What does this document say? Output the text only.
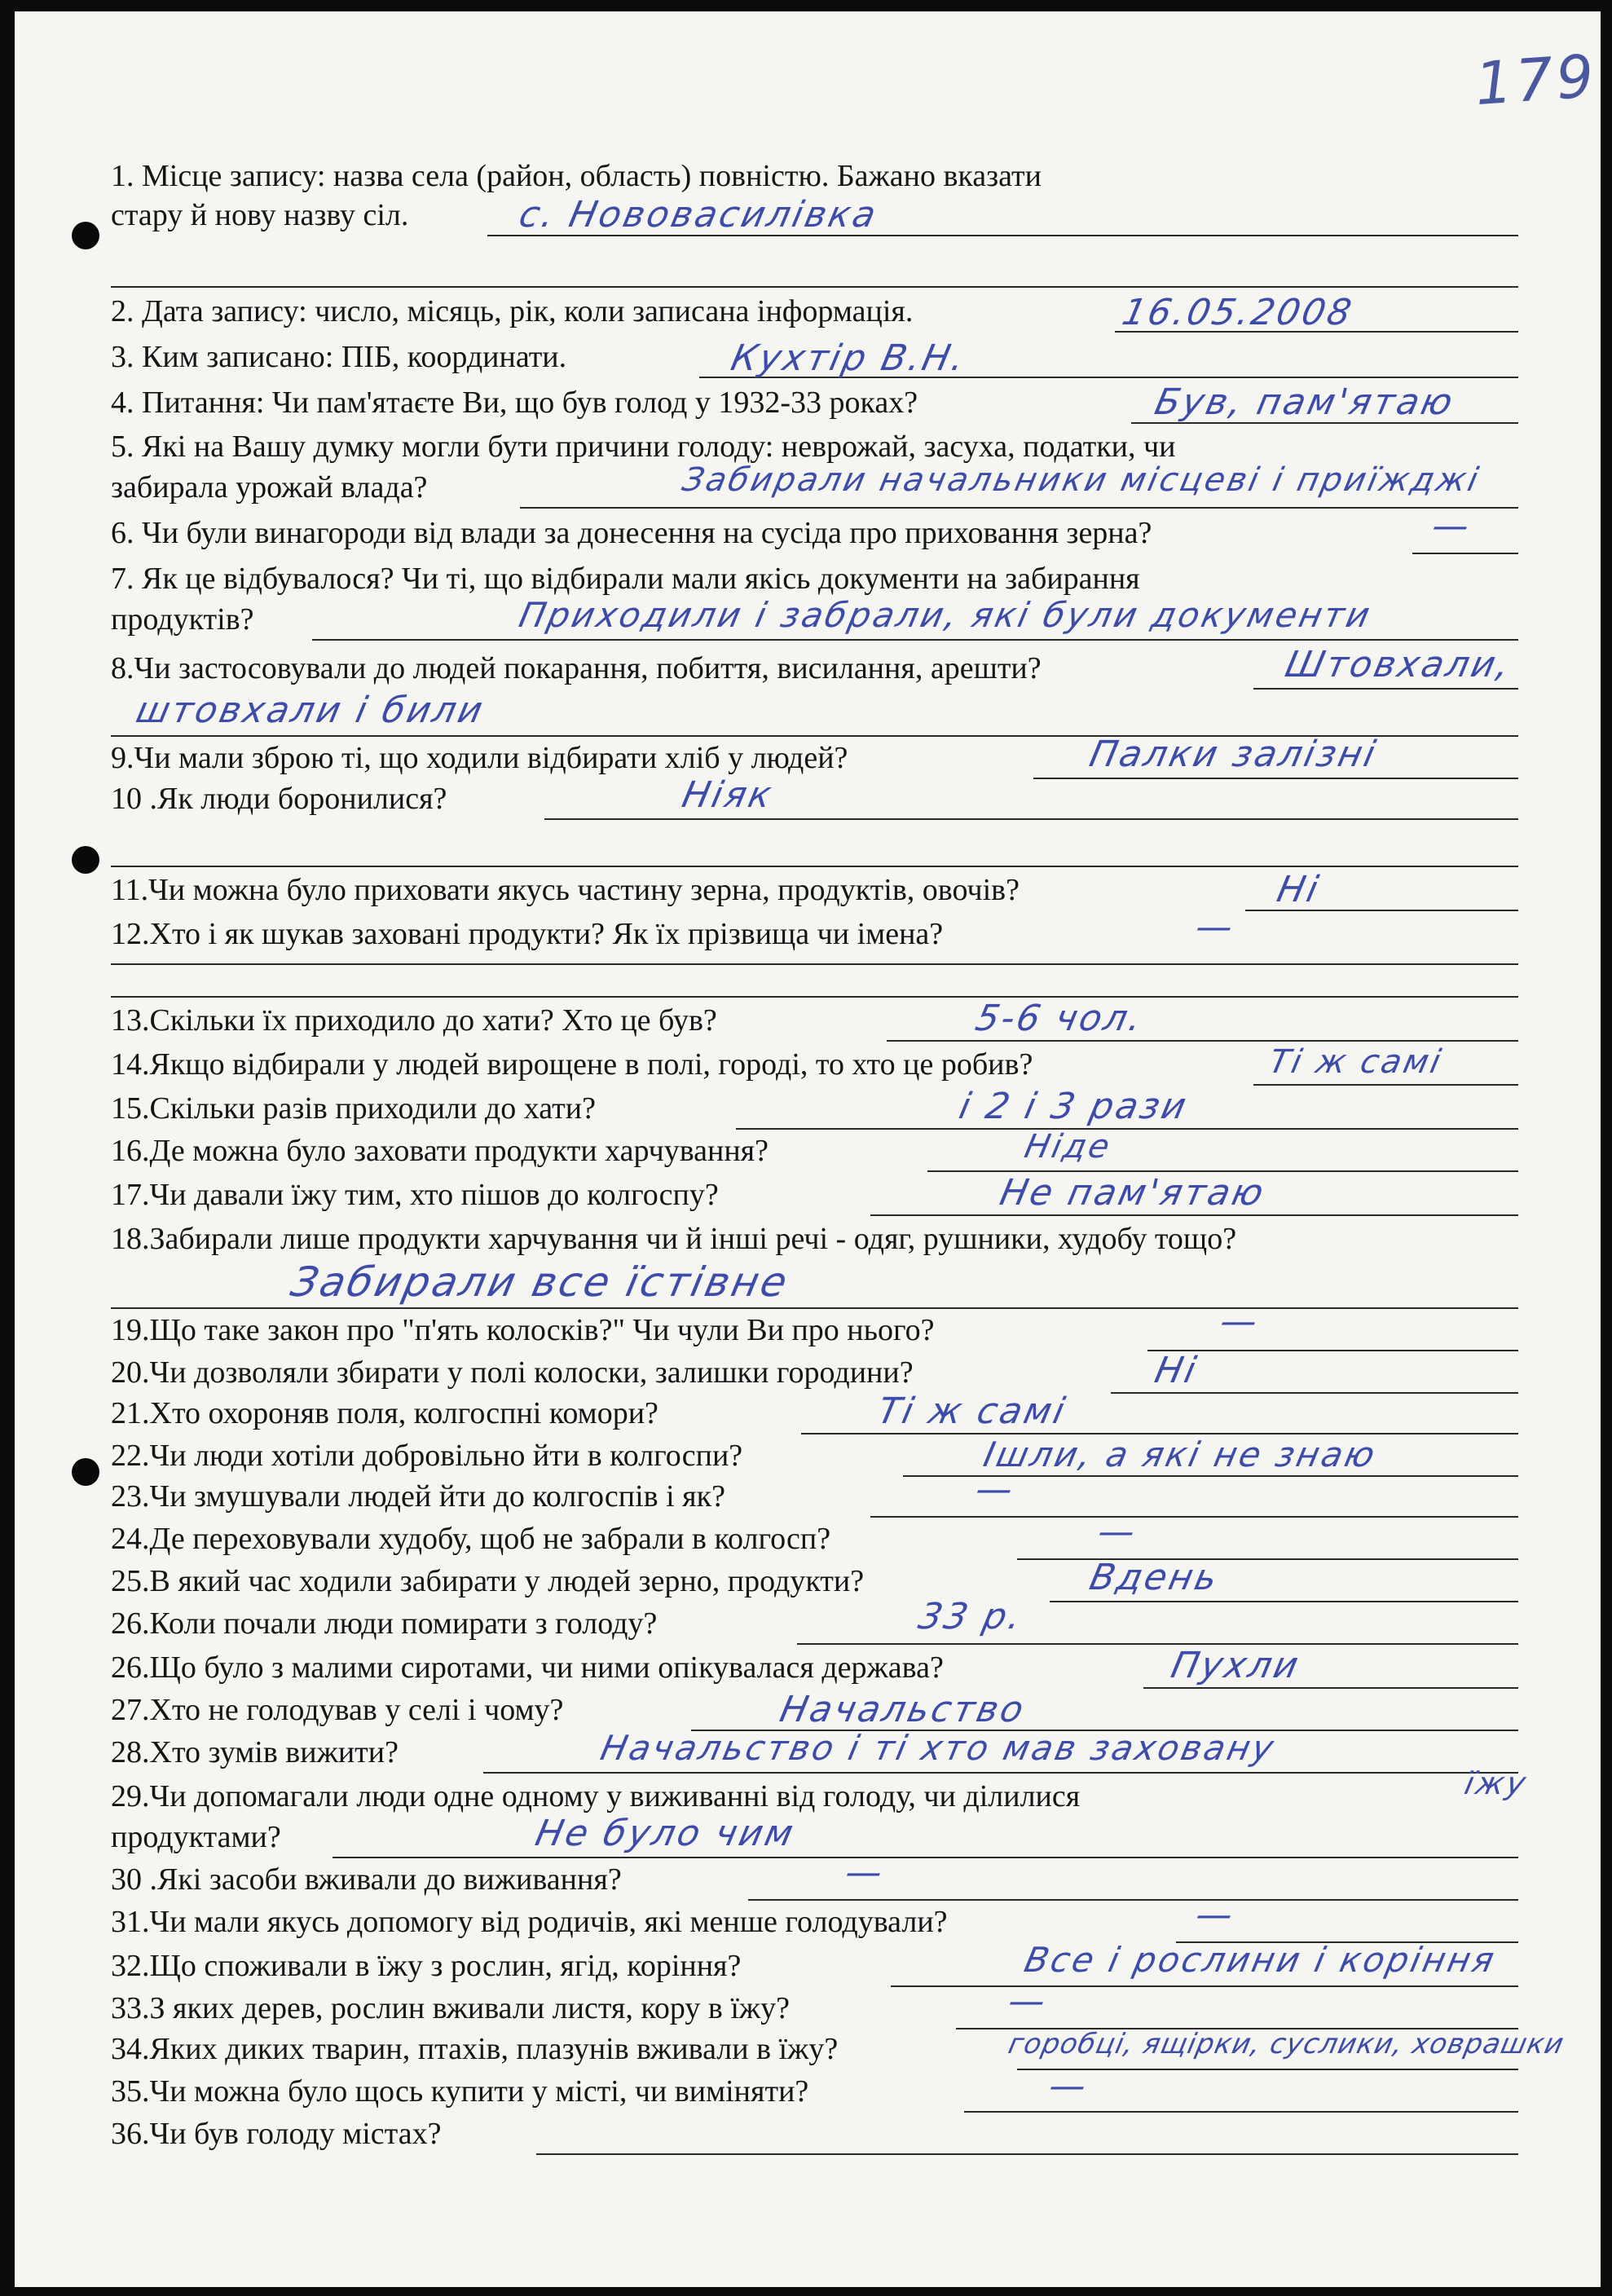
179
1. Місце запису: назва села (район, область) повністю. Бажано вказати
стару й нову назву сіл.	с. Нововасилівка
2. Дата запису: число, місяць, рік, коли записана інформація.	16.05.2008
3. Ким записано: ПІБ, координати.	Кухтір В.Н.
4. Питання: Чи пам'ятаєте Ви, що був голод у 1932-33 роках?	Був, пам'ятаю
5. Які на Вашу думку могли бути причини голоду: неврожай, засуха, податки, чи
забирала урожай влада?	Забирали начальники місцеві і приїжджі
6. Чи були винагороди від влади за донесення на сусіда про приховання зерна?	—
7. Як це відбувалося? Чи ті, що відбирали мали якісь документи на забирання
продуктів?	Приходили і забрали, які були документи
8.Чи застосовували до людей покарання, побиття, висилання, арешти?	Штовхали,
штовхали і били
9.Чи мали зброю ті, що ходили відбирати хліб у людей?	Палки залізні
10 .Як люди боронилися?	Ніяк
11.Чи можна було приховати якусь частину зерна, продуктів, овочів?	Ні
12.Хто і як шукав заховані продукти? Як їх прізвища чи імена?	—
13.Скільки їх приходило до хати? Хто це був?	5-6 чол.
14.Якщо відбирали у людей вирощене в полі, городі, то хто це робив?	Ті ж самі
15.Скільки разів приходили до хати?	і 2 і 3 рази
16.Де можна було заховати продукти харчування?	Ніде
17.Чи давали їжу тим, хто пішов до колгоспу?	Не пам'ятаю
18.Забирали лише продукти харчування чи й інші речі - одяг, рушники, худобу тощо?
Забирали все їстівне
19.Що таке закон про "п'ять колосків?" Чи чули Ви про нього?	—
20.Чи дозволяли збирати у полі колоски, залишки городини?	Ні
21.Хто охороняв поля, колгоспні комори?	Ті ж самі
22.Чи люди хотіли добровільно йти в колгоспи?	Ішли, а які не знаю
23.Чи змушували людей йти до колгоспів і як?	—
24.Де переховували худобу, щоб не забрали в колгосп?	—
25.В який час ходили забирати у людей зерно, продукти?	Вдень
26.Коли почали люди помирати з голоду?	33 р.
26.Що було з малими сиротами, чи ними опікувалася держава?	Пухли
27.Хто не голодував у селі і чому?	Начальство
28.Хто зумів вижити?	Начальство і ті хто мав заховану
їжу
29.Чи допомагали люди одне одному у виживанні від голоду, чи ділилися
продуктами?	Не було чим
30 .Які засоби вживали до виживання?	—
31.Чи мали якусь допомогу від родичів, які менше голодували?	—
32.Що споживали в їжу з рослин, ягід, коріння?	Все і рослини і коріння
33.З яких дерев, рослин вживали листя, кору в їжу?	—
34.Яких диких тварин, птахів, плазунів вживали в їжу?	горобці, ящірки, суслики, ховрашки
35.Чи можна було щось купити у місті, чи виміняти?	—
36.Чи був голоду містах?
